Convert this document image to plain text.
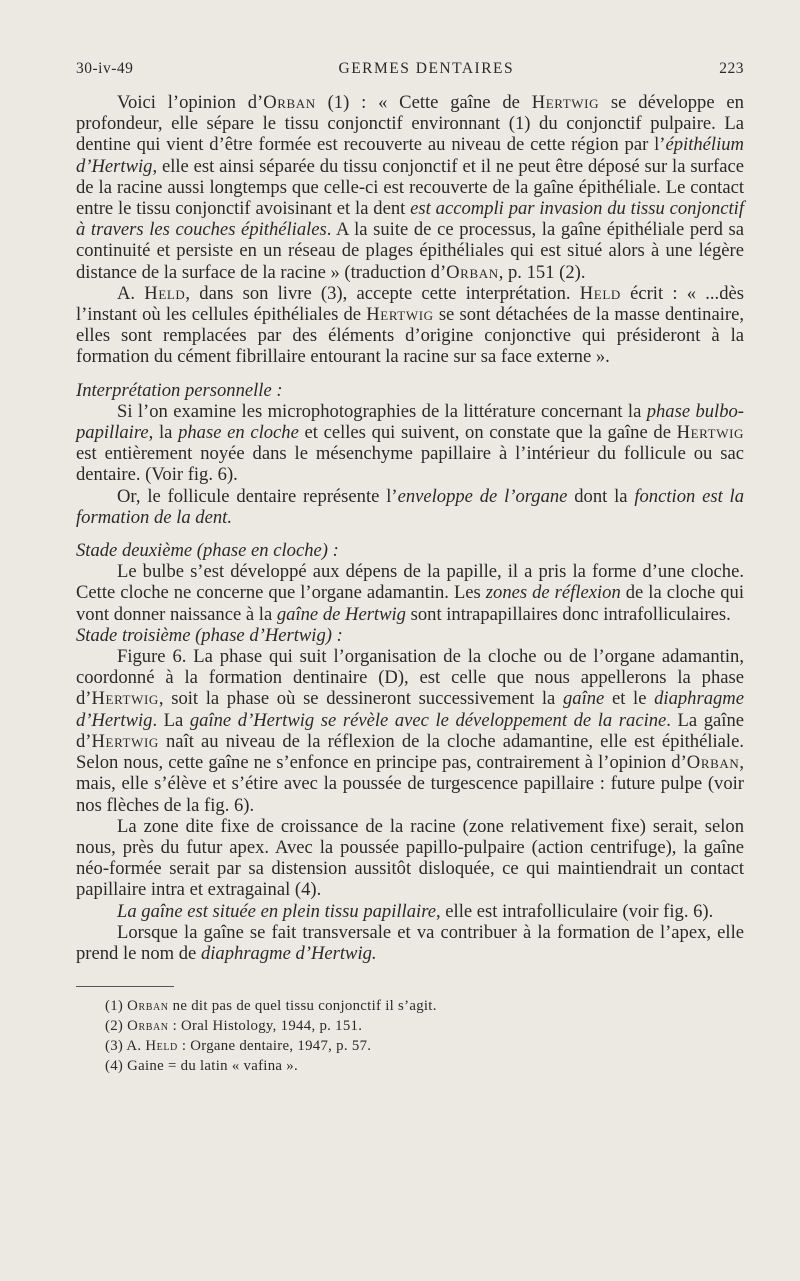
30-iv-49	GERMES DENTAIRES	223

Voici l’opinion d’Orban (1) : « Cette gaîne de Hertwig se développe en profondeur, elle sépare le tissu conjonctif environnant (1) du conjonctif pulpaire. La dentine qui vient d’être formée est recouverte au niveau de cette région par l’épithélium d’Hertwig, elle est ainsi séparée du tissu conjonctif et il ne peut être déposé sur la surface de la racine aussi longtemps que celle-ci est recouverte de la gaîne épithéliale. Le contact entre le tissu conjonctif avoisinant et la dent est accompli par invasion du tissu conjonctif à travers les couches épithéliales. A la suite de ce processus, la gaîne épithéliale perd sa continuité et persiste en un réseau de plages épithéliales qui est situé alors à une légère distance de la surface de la racine » (traduction d’Orban, p. 151 (2).

A. Held, dans son livre (3), accepte cette interprétation. Held écrit : « ...dès l’instant où les cellules épithéliales de Hertwig se sont détachées de la masse dentinaire, elles sont remplacées par des éléments d’origine conjonctive qui présideront à la formation du cément fibrillaire entourant la racine sur sa face externe ».

Interprétation personnelle :

Si l’on examine les microphotographies de la littérature concernant la phase bulbo-papillaire, la phase en cloche et celles qui suivent, on constate que la gaîne de Hertwig est entièrement noyée dans le mésenchyme papillaire à l’intérieur du follicule ou sac dentaire. (Voir fig. 6).

Or, le follicule dentaire représente l’enveloppe de l’organe dont la fonction est la formation de la dent.

Stade deuxième (phase en cloche) :

Le bulbe s’est développé aux dépens de la papille, il a pris la forme d’une cloche. Cette cloche ne concerne que l’organe adamantin. Les zones de réflexion de la cloche qui vont donner naissance à la gaîne de Hertwig sont intrapapillaires donc intrafolliculaires.

Stade troisième (phase d’Hertwig) :

Figure 6. La phase qui suit l’organisation de la cloche ou de l’organe adamantin, coordonné à la formation dentinaire (D), est celle que nous appellerons la phase d’Hertwig, soit la phase où se dessineront successivement la gaîne et le diaphragme d’Hertwig. La gaîne d’Hertwig se révèle avec le développement de la racine. La gaîne d’Hertwig naît au niveau de la réflexion de la cloche adamantine, elle est épithéliale. Selon nous, cette gaîne ne s’enfonce en principe pas, contrairement à l’opinion d’Orban, mais, elle s’élève et s’étire avec la poussée de turgescence papillaire : future pulpe (voir nos flèches de la fig. 6).

La zone dite fixe de croissance de la racine (zone relativement fixe) serait, selon nous, près du futur apex. Avec la poussée papillo-pulpaire (action centrifuge), la gaîne néo-formée serait par sa distension aussitôt disloquée, ce qui maintiendrait un contact papillaire intra et extragainal (4).

La gaîne est située en plein tissu papillaire, elle est intrafolliculaire (voir fig. 6).

Lorsque la gaîne se fait transversale et va contribuer à la formation de l’apex, elle prend le nom de diaphragme d’Hertwig.

(1) Orban ne dit pas de quel tissu conjonctif il s’agit.
(2) Orban : Oral Histology, 1944, p. 151.
(3) A. Held : Organe dentaire, 1947, p. 57.
(4) Gaine = du latin « vafina ».
